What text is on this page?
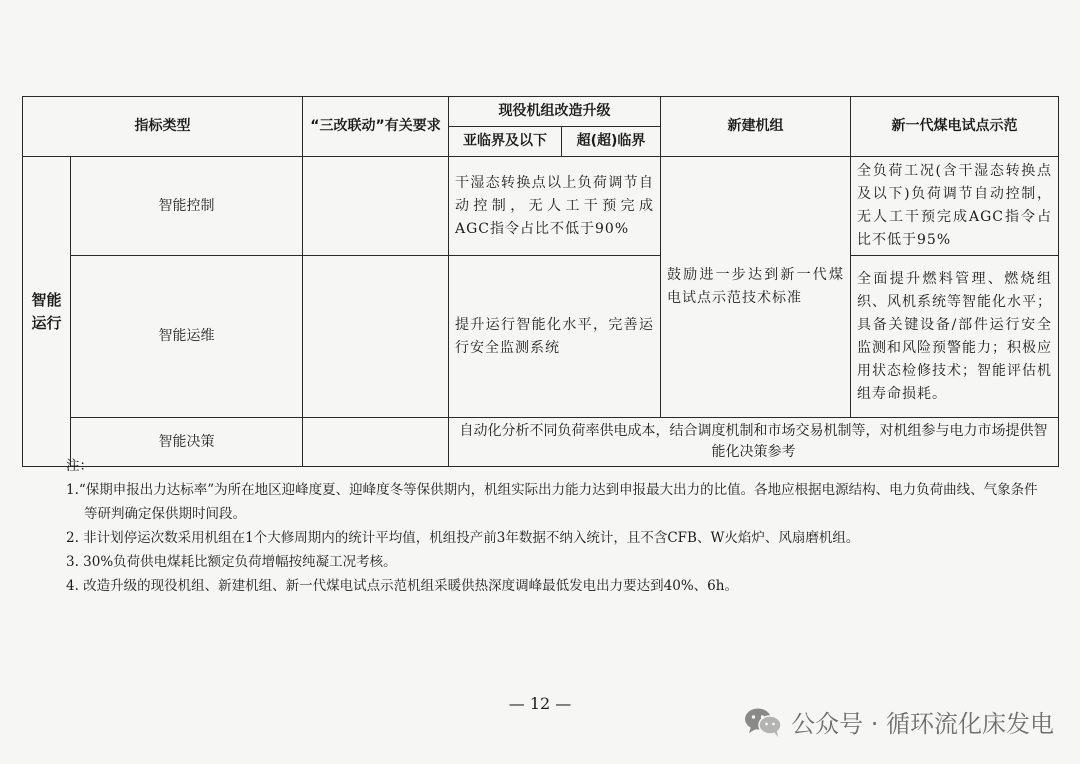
指标类型		“三改联动”有关要求	现役机组改造升级		新建机组	新一代煤电试点示范
			亚临界及以下	超(超)临界		
智能运行	智能控制		干湿态转换点以上负荷调节自动控制，无人工干预完成AGC指令占比不低于90%		鼓励进一步达到新一代煤电试点示范技术标准	全负荷工况(含干湿态转换点及以下)负荷调节自动控制，无人工干预完成AGC指令占比不低于95%
	智能运维		提升运行智能化水平，完善运行安全监测系统			全面提升燃料管理、燃烧组织、风机系统等智能化水平；具备关键设备/部件运行安全监测和风险预警能力；积极应用状态检修技术；智能评估机组寿命损耗。
	智能决策		自动化分析不同负荷率供电成本，结合调度机制和市场交易机制等，对机组参与电力市场提供智能化决策参考			
注：

1.“保期申报出力达标率”为所在地区迎峰度夏、迎峰度冬等保供期内，机组实际出力能力达到申报最大出力的比值。各地应根据电源结构、电力负荷曲线、气象条件等研判确定保供期时间段。

2. 非计划停运次数采用机组在1个大修周期内的统计平均值，机组投产前3年数据不纳入统计，且不含CFB、W火焰炉、风扇磨机组。

3. 30%负荷供电煤耗比额定负荷增幅按纯凝工况考核。

4. 改造升级的现役机组、新建机组、新一代煤电试点示范机组采暖供热深度调峰最低发电出力要达到40%、6h。

— 12 —
公众号 · 循环流化床发电
